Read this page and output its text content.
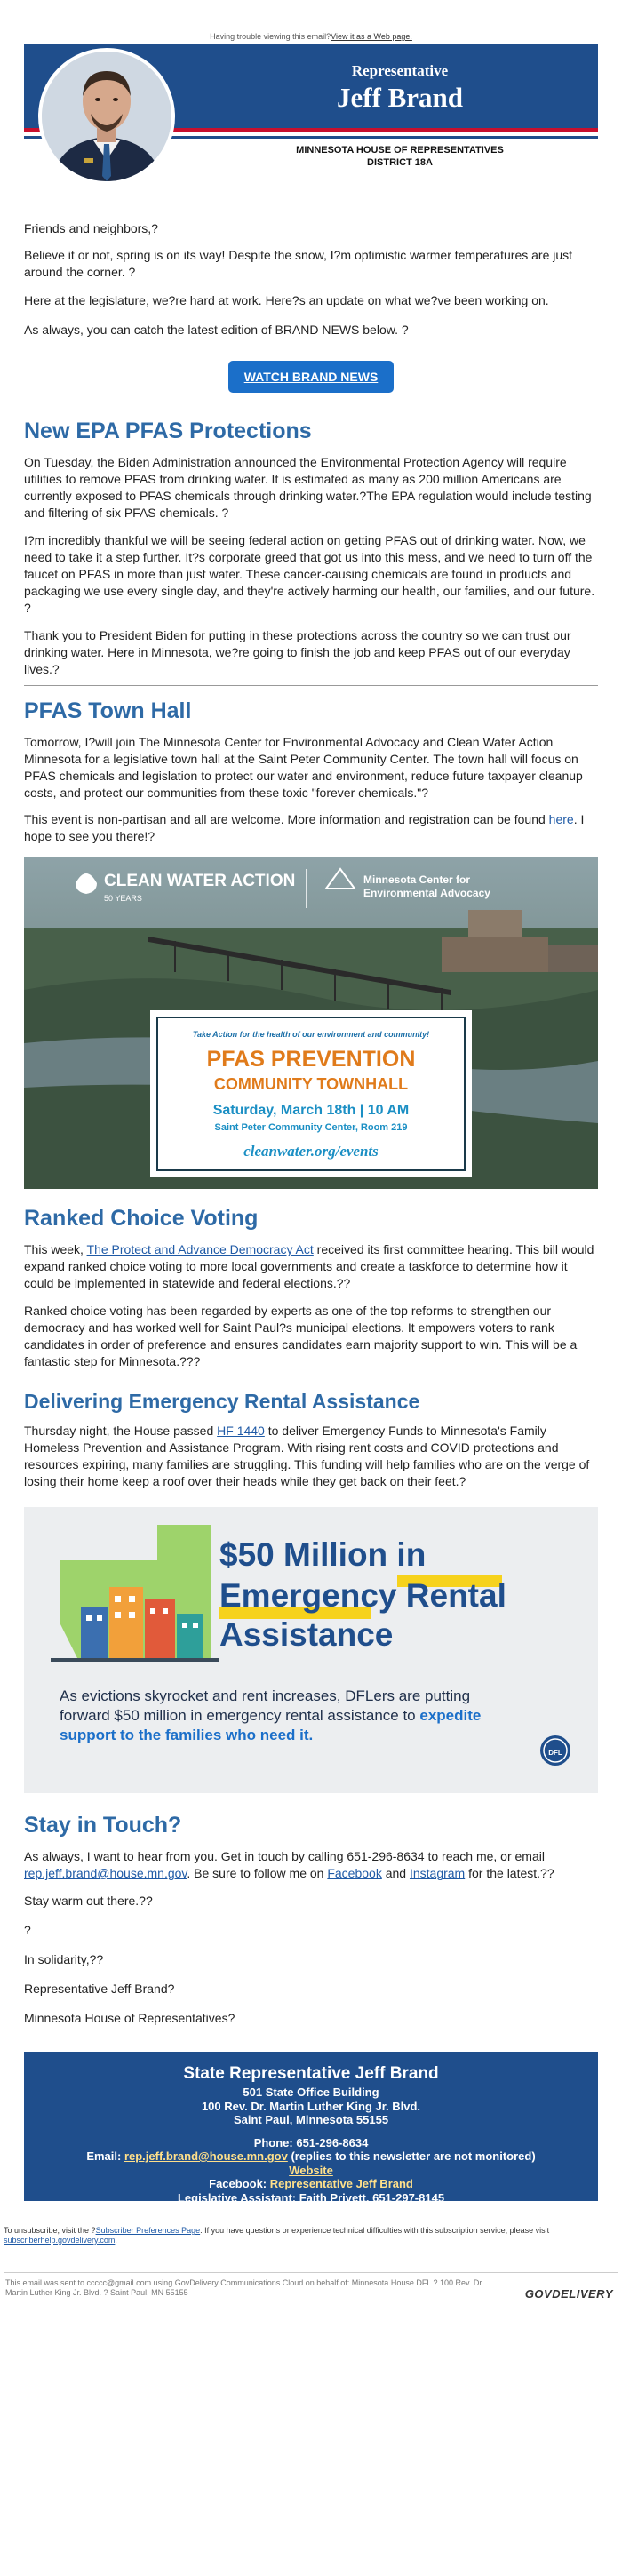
Having trouble viewing this email?View it as a Web page.
Representative
Jeff Brand
MINNESOTA HOUSE OF REPRESENTATIVES
DISTRICT 18A

Friends and neighbors,?

Believe it or not, spring is on its way! Despite the snow, I?m optimistic warmer temperatures are just around the corner. ?

Here at the legislature, we?re hard at work. Here?s an update on what we?ve been working on.

As always, you can catch the latest edition of BRAND NEWS below. ?

WATCH BRAND NEWS
New EPA PFAS Protections

On Tuesday, the Biden Administration announced the Environmental Protection Agency will require utilities to remove PFAS from drinking water. It is estimated as many as 200 million Americans are currently exposed to PFAS chemicals through drinking water.?The EPA regulation would include testing and filtering of six PFAS chemicals. ?

I?m incredibly thankful we will be seeing federal action on getting PFAS out of drinking water. Now, we need to take it a step further. It?s corporate greed that got us into this mess, and we need to turn off the faucet on PFAS in more than just water. These cancer-causing chemicals are found in products and packaging we use every single day, and they're actively harming our health, our families, and our future. ?

Thank you to President Biden for putting in these protections across the country so we can trust our drinking water. Here in Minnesota, we?re going to finish the job and keep PFAS out of our everyday lives.?

PFAS Town Hall

Tomorrow, I?will join The Minnesota Center for Environmental Advocacy and Clean Water Action Minnesota for a legislative town hall at the Saint Peter Community Center. The town hall will focus on PFAS chemicals and legislation to protect our water and environment, reduce future taxpayer cleanup costs, and protect our communities from these toxic "forever chemicals."?

This event is non-partisan and all are welcome. More information and registration can be found here. I hope to see you there!?

CLEAN WATER ACTION
50 YEARS
Minnesota Center for
Environmental Advocacy
Take Action for the health of our environment and community!
PFAS PREVENTION
COMMUNITY TOWNHALL
Saturday, March 18th | 10 AM
Saint Peter Community Center, Room 219
cleanwater.org/events
Ranked Choice Voting

This week, The Protect and Advance Democracy Act received its first committee hearing. This bill would expand ranked choice voting to more local governments and create a taskforce to determine how it could be implemented in statewide and federal elections.??

Ranked choice voting has been regarded by experts as one of the top reforms to strengthen our democracy and has worked well for Saint Paul?s municipal elections. It empowers voters to rank candidates in order of preference and ensures candidates earn majority support to win. This will be a fantastic step for Minnesota.???

Delivering Emergency Rental Assistance

Thursday night, the House passed HF 1440 to deliver Emergency Funds to Minnesota's Family Homeless Prevention and Assistance Program. With rising rent costs and COVID protections and resources expiring, many families are struggling. This funding will help families who are on the verge of losing their home keep a roof over their heads while they get back on their feet.?

$50 Million in
Emergency Rental
Assistance
As evictions skyrocket and rent increases, DFLers are putting forward $50 million in emergency rental assistance to expedite support to the families who need it.
DFL
Stay in Touch?

As always, I want to hear from you. Get in touch by calling 651-296-8634 to reach me, or email rep.jeff.brand@house.mn.gov. Be sure to follow me on Facebook and Instagram for the latest.??

Stay warm out there.??

?

In solidarity,??

Representative Jeff Brand?

Minnesota House of Representatives?

State Representative Jeff Brand
501 State Office Building
100 Rev. Dr. Martin Luther King Jr. Blvd.
Saint Paul, Minnesota 55155
Phone: 651-296-8634
Email: rep.jeff.brand@house.mn.gov (replies to this newsletter are not monitored)
Website
Facebook: Representative Jeff Brand
Legislative Assistant: Faith Privett, 651-297-8145
To unsubscribe, visit the ?Subscriber Preferences Page. If you have questions or experience technical difficulties with this subscription service, please visit subscriberhelp.govdelivery.com.
This email was sent to ccccc@gmail.com using GovDelivery Communications Cloud on behalf of: Minnesota House DFL ? 100 Rev. Dr. Martin Luther King Jr. Blvd. ? Saint Paul, MN 55155	GOVDELIVERY
